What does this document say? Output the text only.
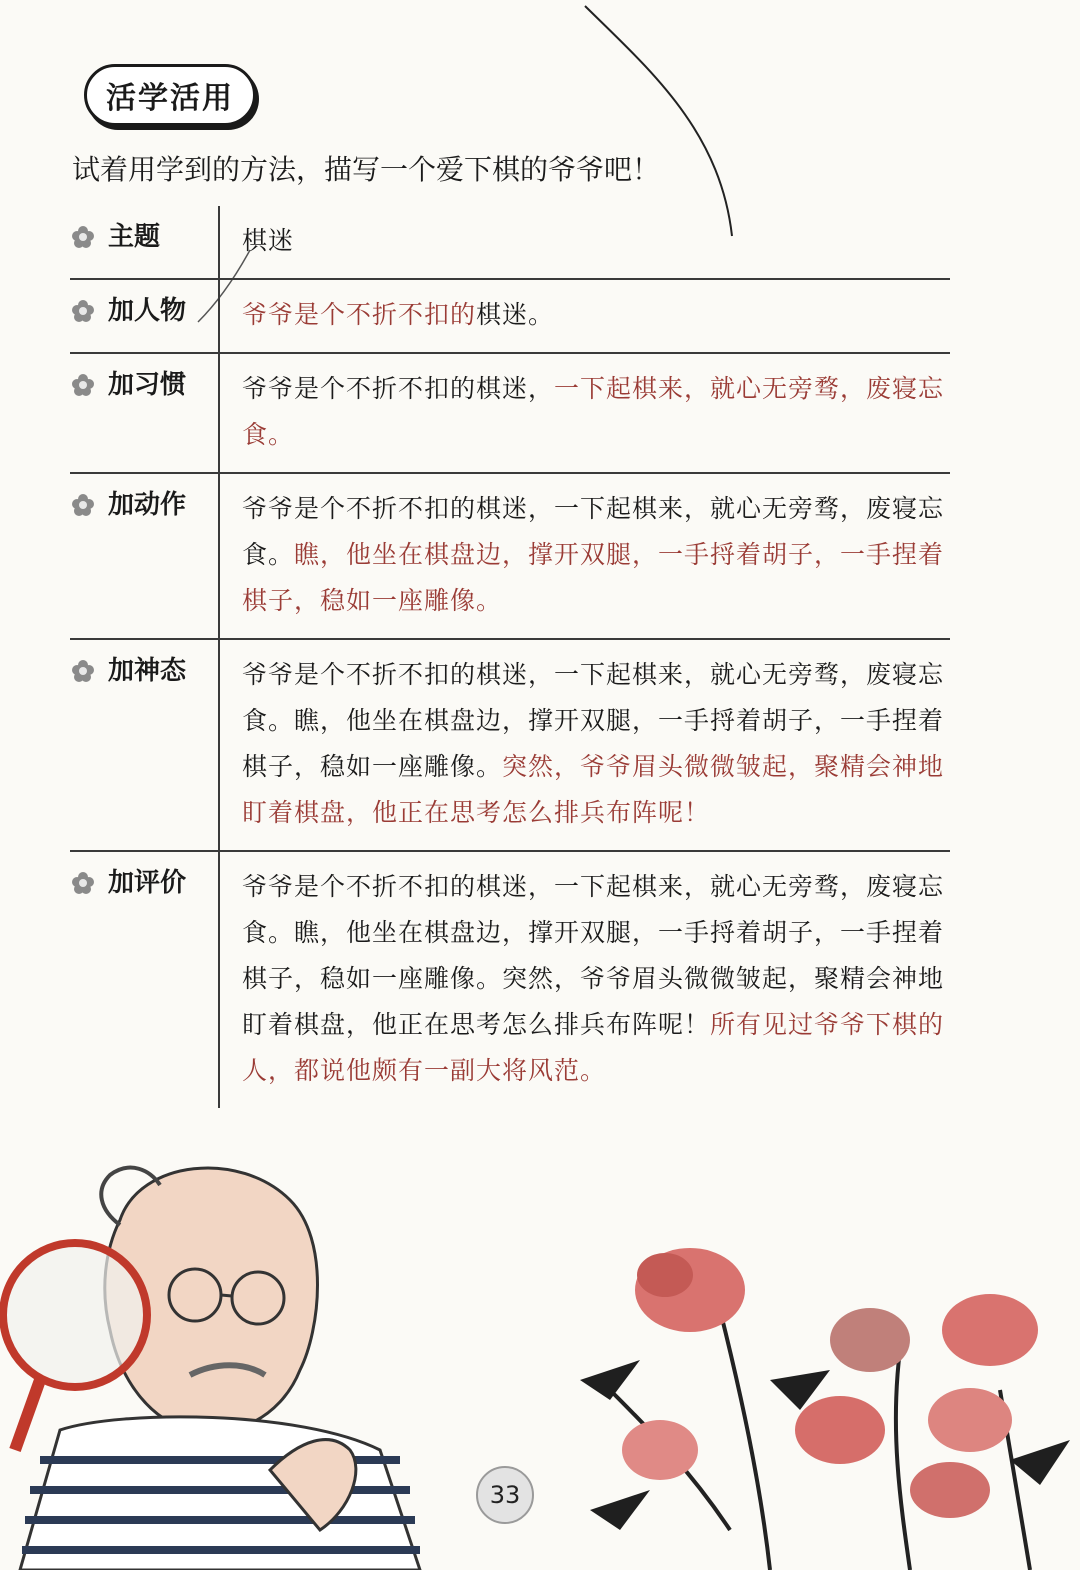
活学活用
试着用学到的方法，描写一个爱下棋的爷爷吧！
主题	棋迷
加人物	爷爷是个不折不扣的棋迷。
加习惯	爷爷是个不折不扣的棋迷，一下起棋来，就心无旁骛，废寝忘食。
加动作	爷爷是个不折不扣的棋迷，一下起棋来，就心无旁骛，废寝忘食。瞧，他坐在棋盘边，撑开双腿，一手捋着胡子，一手捏着棋子，稳如一座雕像。
加神态	爷爷是个不折不扣的棋迷，一下起棋来，就心无旁骛，废寝忘食。瞧，他坐在棋盘边，撑开双腿，一手捋着胡子，一手捏着棋子，稳如一座雕像。突然，爷爷眉头微微皱起，聚精会神地盯着棋盘，他正在思考怎么排兵布阵呢！
加评价	爷爷是个不折不扣的棋迷，一下起棋来，就心无旁骛，废寝忘食。瞧，他坐在棋盘边，撑开双腿，一手捋着胡子，一手捏着棋子，稳如一座雕像。突然，爷爷眉头微微皱起，聚精会神地盯着棋盘，他正在思考怎么排兵布阵呢！所有见过爷爷下棋的人，都说他颇有一副大将风范。
33
